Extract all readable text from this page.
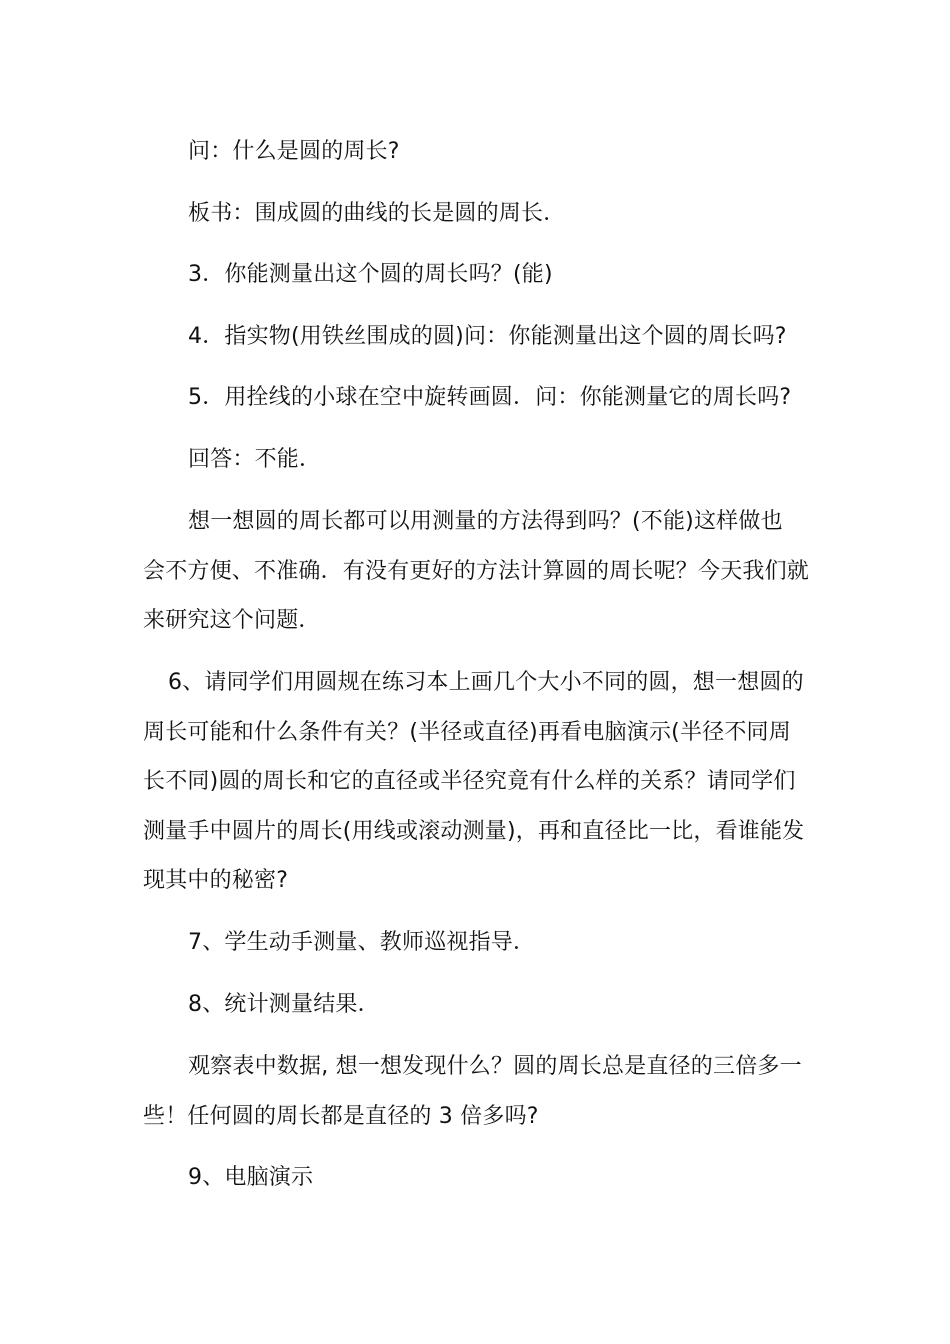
问：什么是圆的周长?
板书：围成圆的曲线的长是圆的周长．
3．你能测量出这个圆的周长吗？(能)
4．指实物(用铁丝围成的圆)问：你能测量出这个圆的周长吗?
5．用拴线的小球在空中旋转画圆．问：你能测量它的周长吗?
回答：不能．
想一想圆的周长都可以用测量的方法得到吗？(不能)这样做也
会不方便、不准确．有没有更好的方法计算圆的周长呢？今天我们就
来研究这个问题．
6、请同学们用圆规在练习本上画几个大小不同的圆，想一想圆的
周长可能和什么条件有关？(半径或直径)再看电脑演示(半径不同周
长不同)圆的周长和它的直径或半径究竟有什么样的关系？请同学们
测量手中圆片的周长(用线或滚动测量)，再和直径比一比，看谁能发
现其中的秘密?
7、学生动手测量、教师巡视指导．
8、统计测量结果．
观察表中数据, 想一想发现什么？圆的周长总是直径的三倍多一
些！任何圆的周长都是直径的 3 倍多吗?
9、电脑演示
